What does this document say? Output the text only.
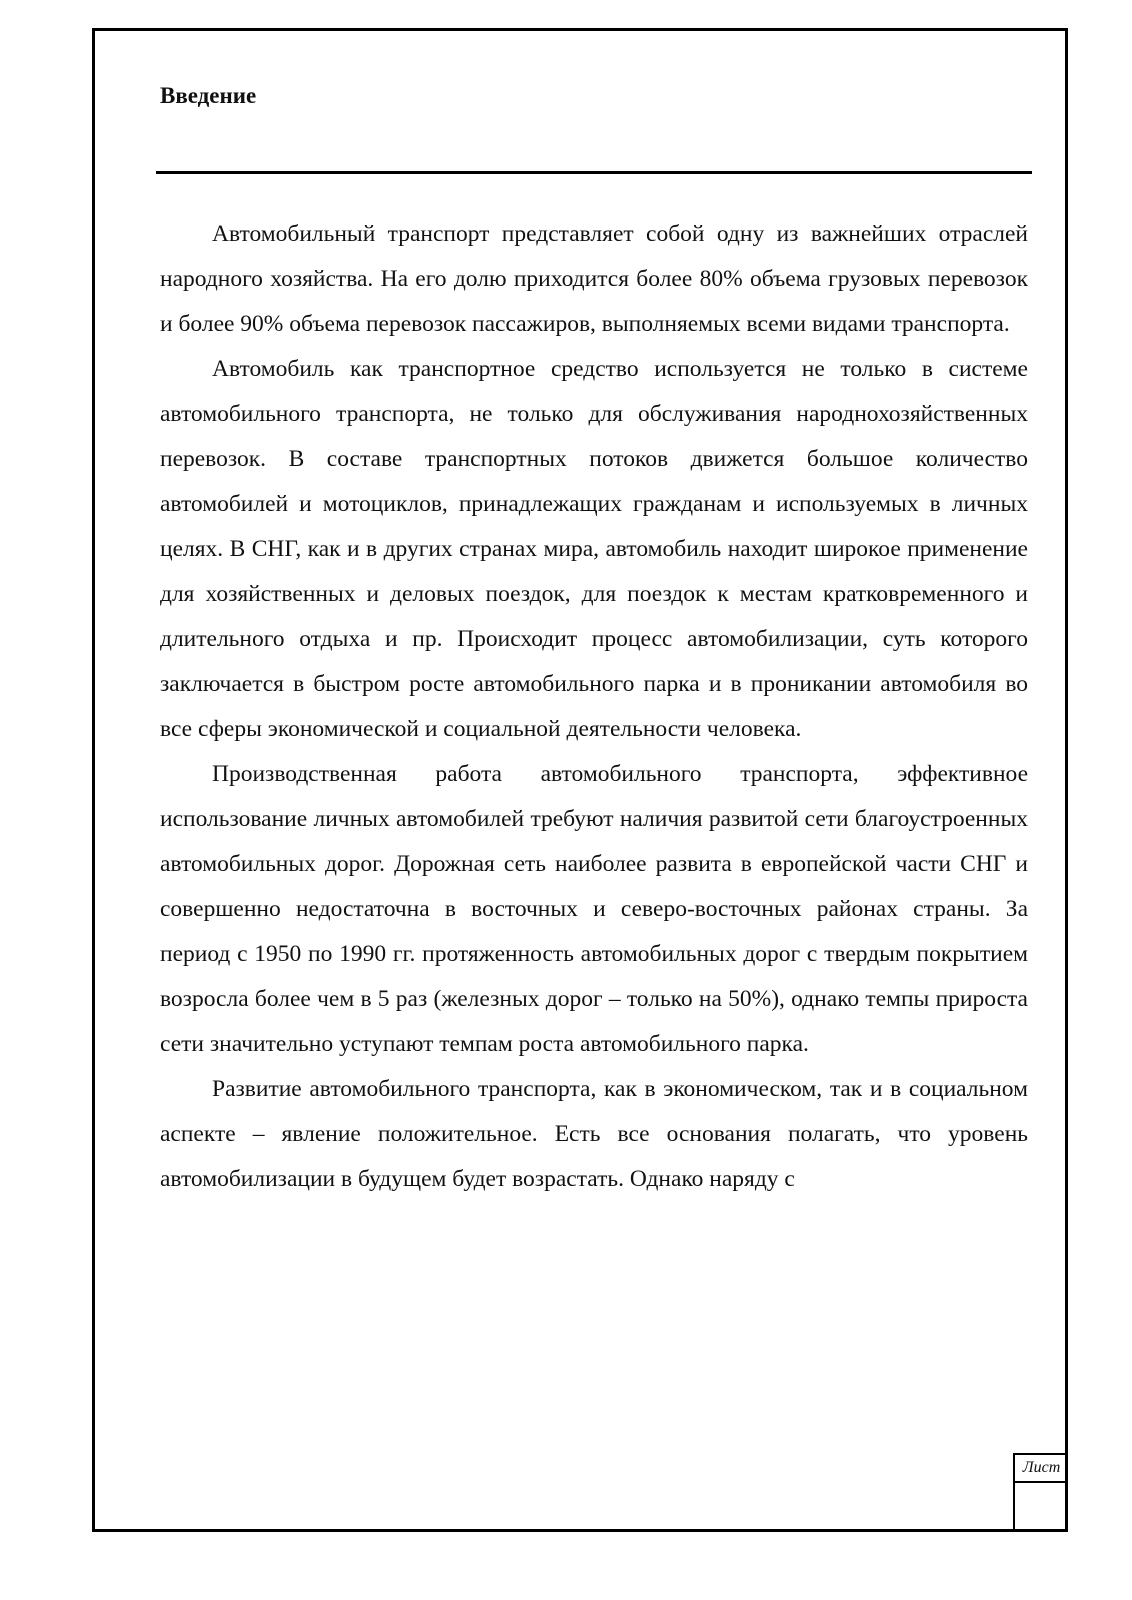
Введение

Автомобильный транспорт представляет собой одну из важнейших отраслей народного хозяйства. На его долю приходится более 80% объема грузовых перевозок и более 90% объема перевозок пассажиров, выполняемых всеми видами транспорта.

Автомобиль как транспортное средство используется не только в системе автомобильного транспорта, не только для обслуживания народнохозяйственных перевозок. В составе транспортных потоков движется большое количество автомобилей и мотоциклов, принадлежащих гражданам и используемых в личных целях. В СНГ, как и в других странах мира, автомобиль находит широкое применение для хозяйственных и деловых поездок, для поездок к местам кратковременного и длительного отдыха и пр. Происходит процесс автомобилизации, суть которого заключается в быстром росте автомобильного парка и в проникании автомобиля во все сферы экономической и социальной деятельности человека.

Производственная работа автомобильного транспорта, эффективное использование личных автомобилей требуют наличия развитой сети благоустроенных автомобильных дорог. Дорожная сеть наиболее развита в европейской части СНГ и совершенно недостаточна в восточных и северо-восточных районах страны. За период с 1950 по 1990 гг. протяженность автомобильных дорог с твердым покрытием возросла более чем в 5 раз (железных дорог – только на 50%), однако темпы прироста сети значительно уступают темпам роста автомобильного парка.

Развитие автомобильного транспорта, как в экономическом, так и в социальном аспекте – явление положительное. Есть все основания полагать, что уровень автомобилизации в будущем будет возрастать. Однако наряду с

Лист
